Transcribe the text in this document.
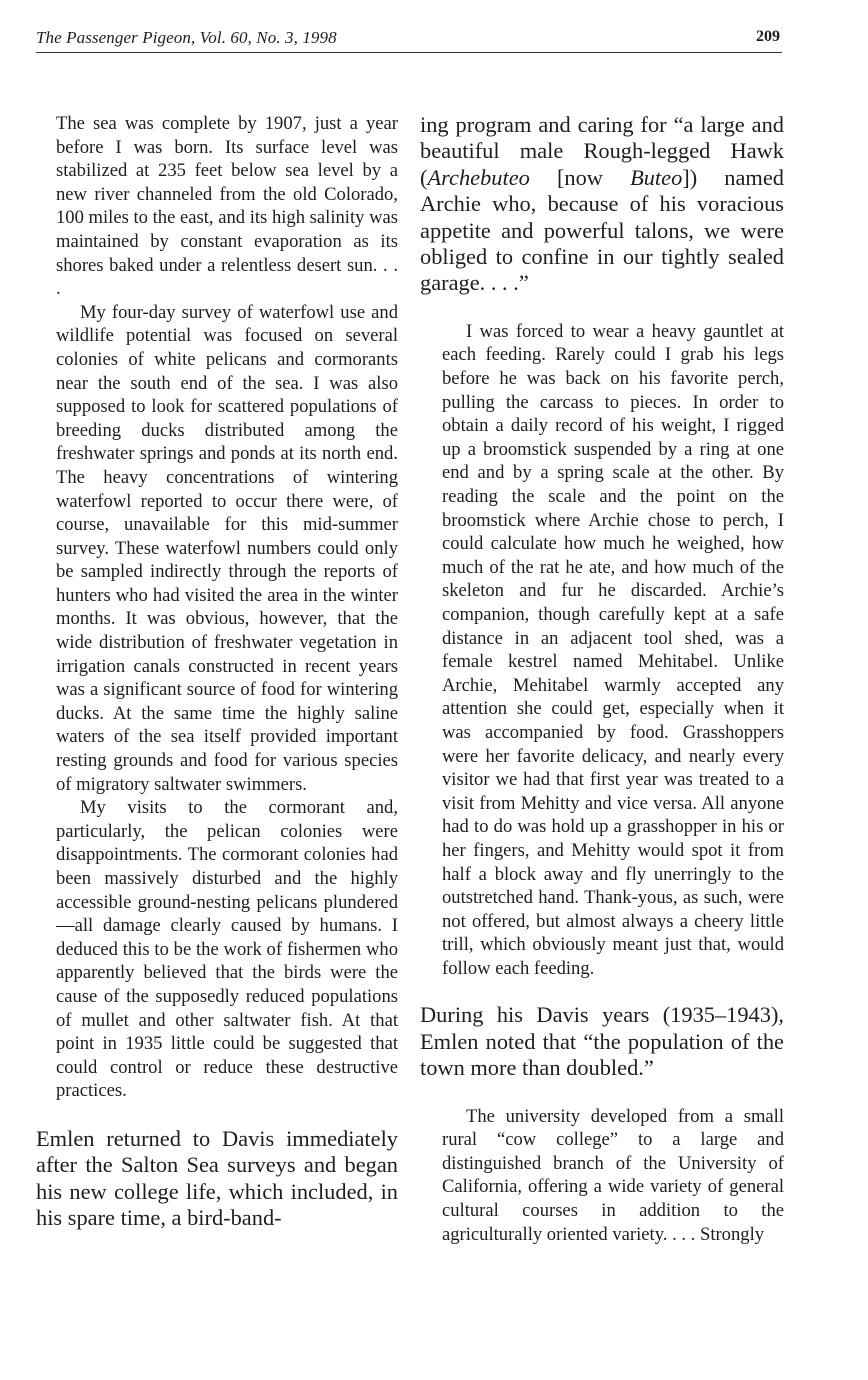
The Passenger Pigeon, Vol. 60, No. 3, 1998	209

The sea was complete by 1907, just a year before I was born. Its surface level was stabilized at 235 feet below sea level by a new river channeled from the old Colorado, 100 miles to the east, and its high salinity was maintained by constant evaporation as its shores baked under a relentless desert sun. . . .

My four-day survey of waterfowl use and wildlife potential was focused on several colonies of white pelicans and cormorants near the south end of the sea. I was also supposed to look for scattered populations of breeding ducks distributed among the freshwater springs and ponds at its north end. The heavy concentrations of wintering waterfowl reported to occur there were, of course, unavailable for this mid-summer survey. These waterfowl numbers could only be sampled indirectly through the reports of hunters who had visited the area in the winter months. It was obvious, however, that the wide distribution of freshwater vegetation in irrigation canals constructed in recent years was a significant source of food for wintering ducks. At the same time the highly saline waters of the sea itself provided important resting grounds and food for various species of migratory saltwater swimmers.

My visits to the cormorant and, particularly, the pelican colonies were disappointments. The cormorant colonies had been massively disturbed and the highly accessible ground-nesting pelicans plundered—all damage clearly caused by humans. I deduced this to be the work of fishermen who apparently believed that the birds were the cause of the supposedly reduced populations of mullet and other saltwater fish. At that point in 1935 little could be suggested that could control or reduce these destructive practices.

Emlen returned to Davis immediately after the Salton Sea surveys and began his new college life, which included, in his spare time, a bird-band-

ing program and caring for “a large and beautiful male Rough-legged Hawk (Archebuteo [now Buteo]) named Archie who, because of his voracious appetite and powerful talons, we were obliged to confine in our tightly sealed garage. . . .”

I was forced to wear a heavy gauntlet at each feeding. Rarely could I grab his legs before he was back on his favorite perch, pulling the carcass to pieces. In order to obtain a daily record of his weight, I rigged up a broomstick suspended by a ring at one end and by a spring scale at the other. By reading the scale and the point on the broomstick where Archie chose to perch, I could calculate how much he weighed, how much of the rat he ate, and how much of the skeleton and fur he discarded. Archie’s companion, though carefully kept at a safe distance in an adjacent tool shed, was a female kestrel named Mehitabel. Unlike Archie, Mehitabel warmly accepted any attention she could get, especially when it was accompanied by food. Grasshoppers were her favorite delicacy, and nearly every visitor we had that first year was treated to a visit from Mehitty and vice versa. All anyone had to do was hold up a grasshopper in his or her fingers, and Mehitty would spot it from half a block away and fly unerringly to the outstretched hand. Thank-yous, as such, were not offered, but almost always a cheery little trill, which obviously meant just that, would follow each feeding.

During his Davis years (1935–1943), Emlen noted that “the population of the town more than doubled.”

The university developed from a small rural “cow college” to a large and distinguished branch of the University of California, offering a wide variety of general cultural courses in addition to the agriculturally oriented variety. . . . Strongly
